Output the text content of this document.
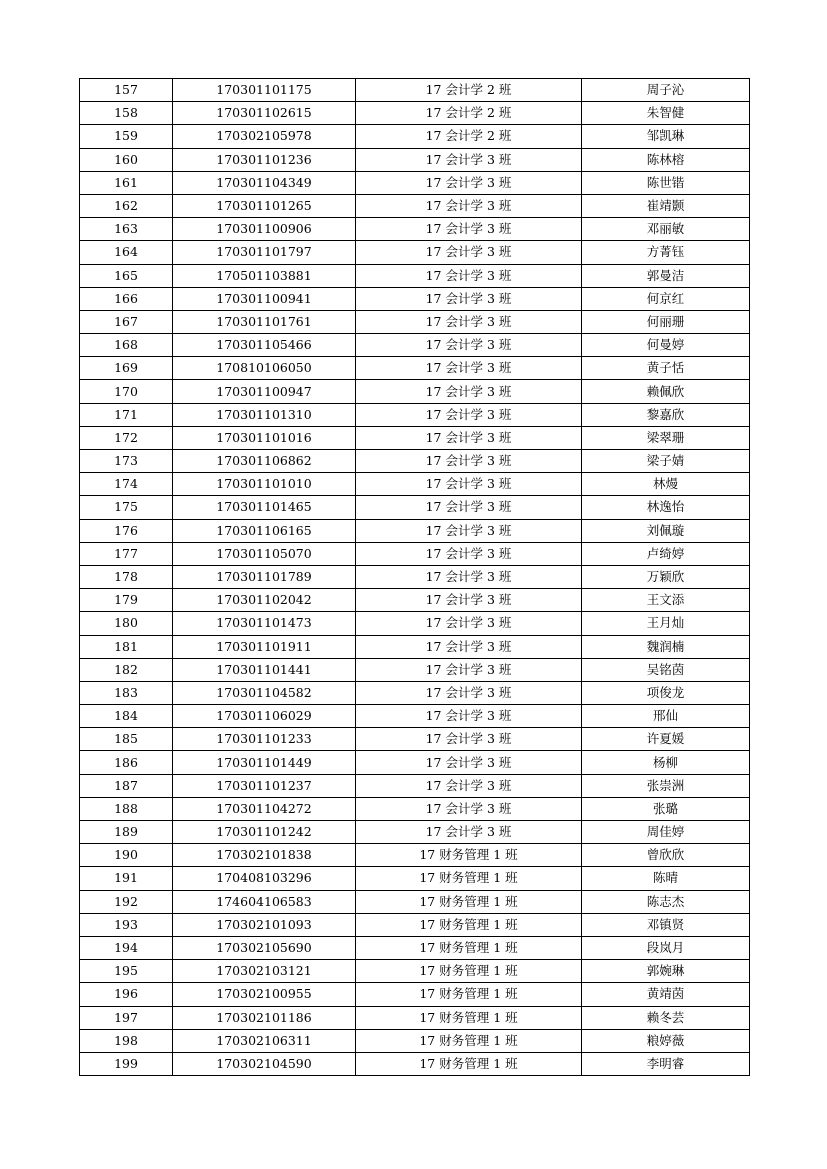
157	170301101175	17 会计学 2 班	周子沁
158	170301102615	17 会计学 2 班	朱智健
159	170302105978	17 会计学 2 班	邹凯琳
160	170301101236	17 会计学 3 班	陈林榕
161	170301104349	17 会计学 3 班	陈世锴
162	170301101265	17 会计学 3 班	崔靖颢
163	170301100906	17 会计学 3 班	邓丽敏
164	170301101797	17 会计学 3 班	方菁钰
165	170501103881	17 会计学 3 班	郭曼洁
166	170301100941	17 会计学 3 班	何京红
167	170301101761	17 会计学 3 班	何丽珊
168	170301105466	17 会计学 3 班	何曼婷
169	170810106050	17 会计学 3 班	黄子恬
170	170301100947	17 会计学 3 班	赖佩欣
171	170301101310	17 会计学 3 班	黎嘉欣
172	170301101016	17 会计学 3 班	梁翠珊
173	170301106862	17 会计学 3 班	梁子婧
174	170301101010	17 会计学 3 班	林熳
175	170301101465	17 会计学 3 班	林逸怡
176	170301106165	17 会计学 3 班	刘佩璇
177	170301105070	17 会计学 3 班	卢绮婷
178	170301101789	17 会计学 3 班	万颖欣
179	170301102042	17 会计学 3 班	王文添
180	170301101473	17 会计学 3 班	王月灿
181	170301101911	17 会计学 3 班	魏润楠
182	170301101441	17 会计学 3 班	吴铭茵
183	170301104582	17 会计学 3 班	项俊龙
184	170301106029	17 会计学 3 班	邢仙
185	170301101233	17 会计学 3 班	许夏媛
186	170301101449	17 会计学 3 班	杨柳
187	170301101237	17 会计学 3 班	张崇洲
188	170301104272	17 会计学 3 班	张璐
189	170301101242	17 会计学 3 班	周佳婷
190	170302101838	17 财务管理 1 班	曾欣欣
191	170408103296	17 财务管理 1 班	陈晴
192	174604106583	17 财务管理 1 班	陈志杰
193	170302101093	17 财务管理 1 班	邓镇贤
194	170302105690	17 财务管理 1 班	段岚月
195	170302103121	17 财务管理 1 班	郭婉琳
196	170302100955	17 财务管理 1 班	黄靖茵
197	170302101186	17 财务管理 1 班	赖冬芸
198	170302106311	17 财务管理 1 班	粮婷薇
199	170302104590	17 财务管理 1 班	李明睿
